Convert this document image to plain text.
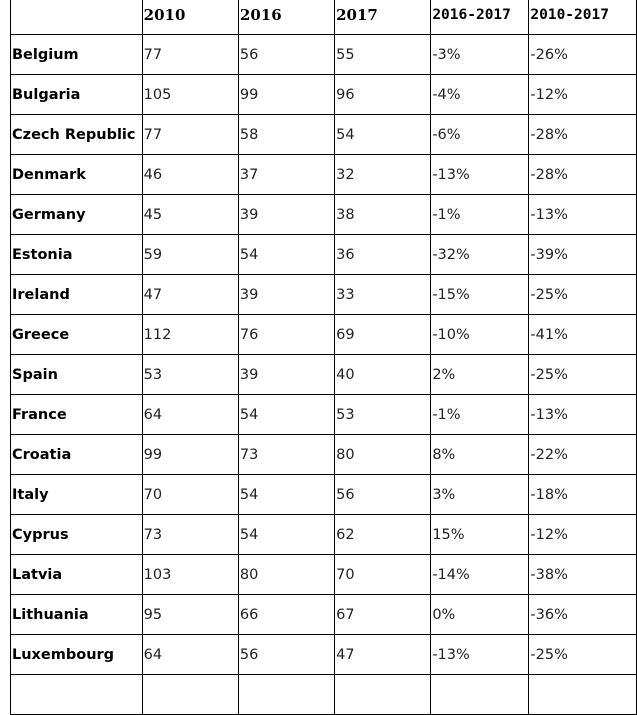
	2010	2016	2017	2016-2017	2010-2017
Belgium	77	56	55	-3%	-26%
Bulgaria	105	99	96	-4%	-12%
Czech Republic	77	58	54	-6%	-28%
Denmark	46	37	32	-13%	-28%
Germany	45	39	38	-1%	-13%
Estonia	59	54	36	-32%	-39%
Ireland	47	39	33	-15%	-25%
Greece	112	76	69	-10%	-41%
Spain	53	39	40	2%	-25%
France	64	54	53	-1%	-13%
Croatia	99	73	80	8%	-22%
Italy	70	54	56	3%	-18%
Cyprus	73	54	62	15%	-12%
Latvia	103	80	70	-14%	-38%
Lithuania	95	66	67	0%	-36%
Luxembourg	64	56	47	-13%	-25%
